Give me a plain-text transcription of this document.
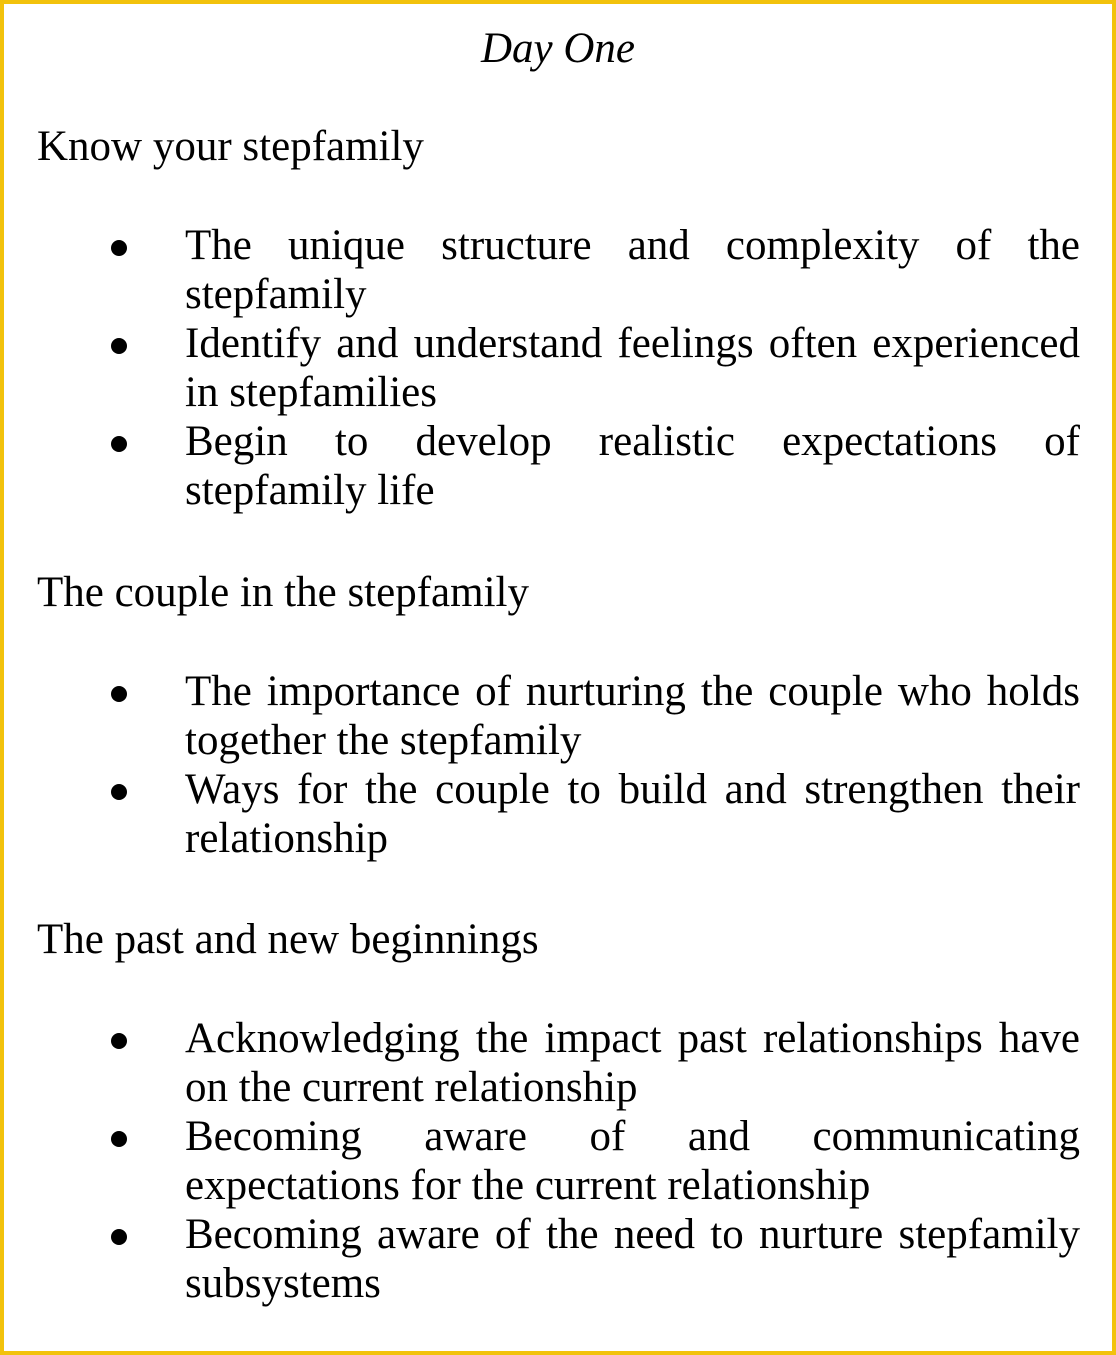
Day One
Know your stepfamily
The unique structure and complexity of the stepfamily
Identify and understand feelings often experienced in stepfamilies
Begin to develop realistic expectations of stepfamily life
The couple in the stepfamily
The importance of nurturing the couple who holds together the stepfamily
Ways for the couple to build and strengthen their relationship
The past and new beginnings
Acknowledging the impact past relationships have on the current relationship
Becoming aware of and communicating expectations for the current relationship
Becoming aware of the need to nurture stepfamily subsystems
